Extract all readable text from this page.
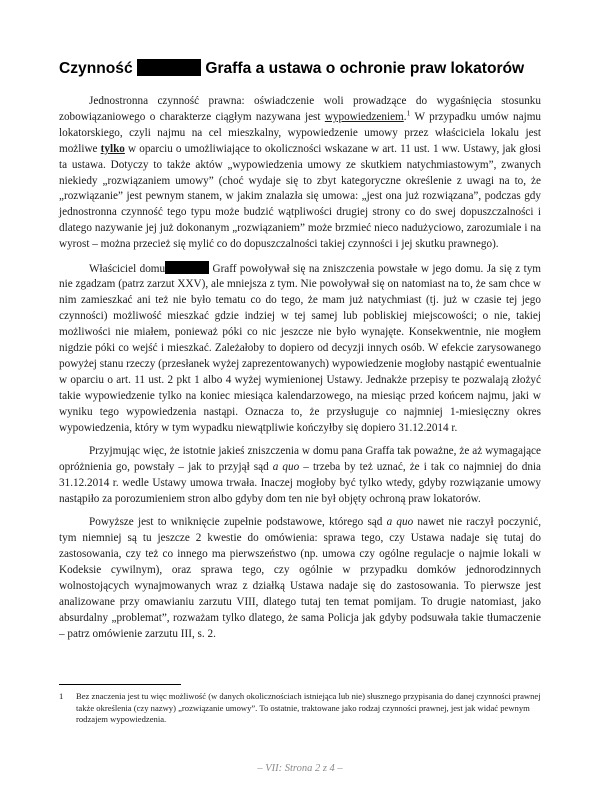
Czynność	Graffa a ustawa o ochronie praw lokatorów

Jednostronna czynność prawna: oświadczenie woli prowadzące do wygaśnięcia stosunku zobowiązaniowego o charakterze ciągłym nazywana jest wypowiedzeniem.$^1$ W przypadku umów najmu lokatorskiego, czyli najmu na cel mieszkalny, wypowiedzenie umowy przez właściciela lokalu jest możliwe tylko w oparciu o umożliwiające to okoliczności wskazane w art. 11 ust. 1 ww. Ustawy, jak głosi ta ustawa. Dotyczy to także aktów „wypowiedzenia umowy ze skutkiem natychmiastowym”, zwanych niekiedy „rozwiązaniem umowy” (choć wydaje się to zbyt kategoryczne określenie z uwagi na to, że „rozwiązanie” jest pewnym stanem, w jakim znalazła się umowa: „jest ona już rozwiązana”, podczas gdy jednostronna czynność tego typu może budzić wątpliwości drugiej strony co do swej dopuszczalności i dlatego nazywanie jej już dokonanym „rozwiązaniem” może brzmieć nieco nadużyciowo, zarozumiale i na wyrost – można przecież się mylić co do dopuszczalności takiej czynności i jej skutku prawnego).

Właściciel domu	Graff powoływał się na zniszczenia powstałe w jego domu. Ja się z tym nie zgadzam (patrz zarzut XXV), ale mniejsza z tym. Nie powoływał się on natomiast na to, że sam chce w nim zamieszkać ani też nie było tematu co do tego, że mam już natychmiast (tj. już w czasie tej jego czynności) możliwość mieszkać gdzie indziej w tej samej lub pobliskiej miejscowości; o nie, takiej możliwości nie miałem, ponieważ póki co nic jeszcze nie było wynajęte. Konsekwentnie, nie mogłem nigdzie póki co wejść i mieszkać. Zależałoby to dopiero od decyzji innych osób. W efekcie zarysowanego powyżej stanu rzeczy (przesłanek wyżej zaprezentowanych) wypowiedzenie mogłoby nastąpić ewentualnie w oparciu o art. 11 ust. 2 pkt 1 albo 4 wyżej wymienionej Ustawy. Jednakże przepisy te pozwalają złożyć takie wypowiedzenie tylko na koniec miesiąca kalendarzowego, na miesiąc przed końcem najmu, jaki w wyniku tego wypowiedzenia nastąpi. Oznacza to, że przysługuje co najmniej 1-miesięczny okres wypowiedzenia, który w tym wypadku niewątpliwie kończyłby się dopiero 31.12.2014 r.

Przyjmując więc, że istotnie jakieś zniszczenia w domu pana Graffa tak poważne, że aż wymagające opróżnienia go, powstały – jak to przyjął sąd a quo – trzeba by też uznać, że i tak co najmniej do dnia 31.12.2014 r. wedle Ustawy umowa trwała. Inaczej mogłoby być tylko wtedy, gdyby rozwiązanie umowy nastąpiło za porozumieniem stron albo gdyby dom ten nie był objęty ochroną praw lokatorów.

Powyższe jest to wniknięcie zupełnie podstawowe, którego sąd a quo nawet nie raczył poczynić, tym niemniej są tu jeszcze 2 kwestie do omówienia: sprawa tego, czy Ustawa nadaje się tutaj do zastosowania, czy też co innego ma pierwszeństwo (np. umowa czy ogólne regulacje o najmie lokali w Kodeksie cywilnym), oraz sprawa tego, czy ogólnie w przypadku domków jednorodzinnych wolnostojących wynajmowanych wraz z działką Ustawa nadaje się do zastosowania. To pierwsze jest analizowane przy omawianiu zarzutu VIII, dlatego tutaj ten temat pomijam. To drugie natomiast, jako absurdalny „problemat”, rozważam tylko dlatego, że sama Policja jak gdyby podsuwała takie tłumaczenie – patrz omówienie zarzutu III, s. 2.

1 Bez znaczenia jest tu więc możliwość (w danych okolicznościach istniejąca lub nie) słusznego przypisania do danej czynności prawnej także określenia (czy nazwy) „rozwiązanie umowy”. To ostatnie, traktowane jako rodzaj czynności prawnej, jest jak widać pewnym rodzajem wypowiedzenia.
– VII: Strona 2 z 4 –
